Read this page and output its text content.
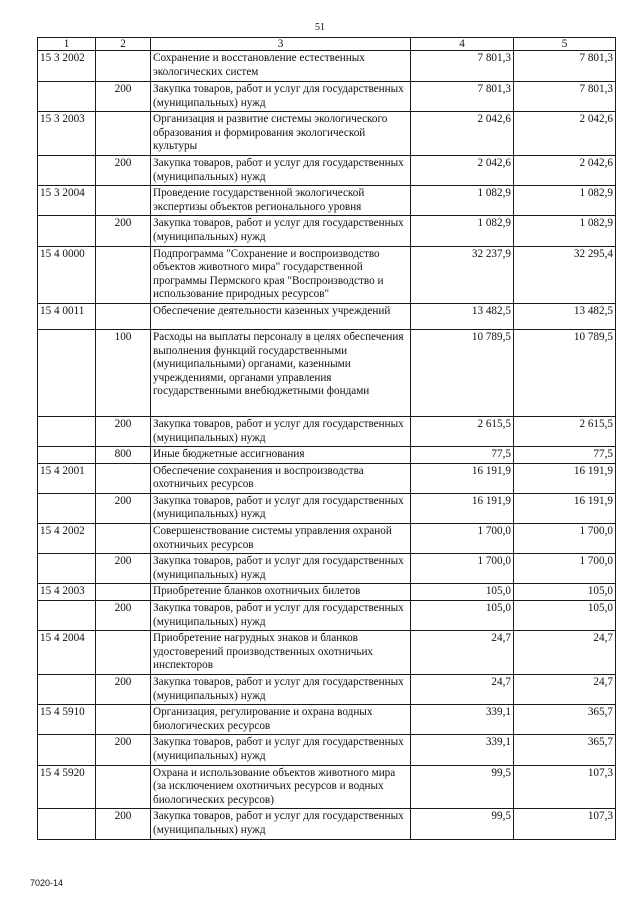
51
1	2	3	4	5
15 3 2002		Сохранение и восстановление естественных экологических систем	7 801,3	7 801,3
	200	Закупка товаров, работ и услуг для государственных (муниципальных) нужд	7 801,3	7 801,3
15 3 2003		Организация и развитие системы экологического образования и формирования экологической культуры	2 042,6	2 042,6
	200	Закупка товаров, работ и услуг для государственных (муниципальных) нужд	2 042,6	2 042,6
15 3 2004		Проведение государственной экологической экспертизы объектов регионального уровня	1 082,9	1 082,9
	200	Закупка товаров, работ и услуг для государственных (муниципальных) нужд	1 082,9	1 082,9
15 4 0000		Подпрограмма "Сохранение и воспроизводство объектов животного мира" государственной программы Пермского края "Воспроизводство и использование природных ресурсов"	32 237,9	32 295,4
15 4 0011		Обеспечение деятельности казенных учреждений	13 482,5	13 482,5
	100	Расходы на выплаты персоналу в целях обеспечения выполнения функций государственными (муниципальными) органами, казенными учреждениями, органами управления государственными внебюджетными фондами	10 789,5	10 789,5
	200	Закупка товаров, работ и услуг для государственных (муниципальных) нужд	2 615,5	2 615,5
	800	Иные бюджетные ассигнования	77,5	77,5
15 4 2001		Обеспечение сохранения и воспроизводства охотничьих ресурсов	16 191,9	16 191,9
	200	Закупка товаров, работ и услуг для государственных (муниципальных) нужд	16 191,9	16 191,9
15 4 2002		Совершенствование системы управления охраной охотничьих ресурсов	1 700,0	1 700,0
	200	Закупка товаров, работ и услуг для государственных (муниципальных) нужд	1 700,0	1 700,0
15 4 2003		Приобретение бланков охотничьих билетов	105,0	105,0
	200	Закупка товаров, работ и услуг для государственных (муниципальных) нужд	105,0	105,0
15 4 2004		Приобретение нагрудных знаков и бланков удостоверений производственных охотничьих инспекторов	24,7	24,7
	200	Закупка товаров, работ и услуг для государственных (муниципальных) нужд	24,7	24,7
15 4 5910		Организация, регулирование и охрана водных биологических ресурсов	339,1	365,7
	200	Закупка товаров, работ и услуг для государственных (муниципальных) нужд	339,1	365,7
15 4 5920		Охрана и использование объектов животного мира (за исключением охотничьих ресурсов и водных биологических ресурсов)	99,5	107,3
	200	Закупка товаров, работ и услуг для государственных (муниципальных) нужд	99,5	107,3
7020-14
